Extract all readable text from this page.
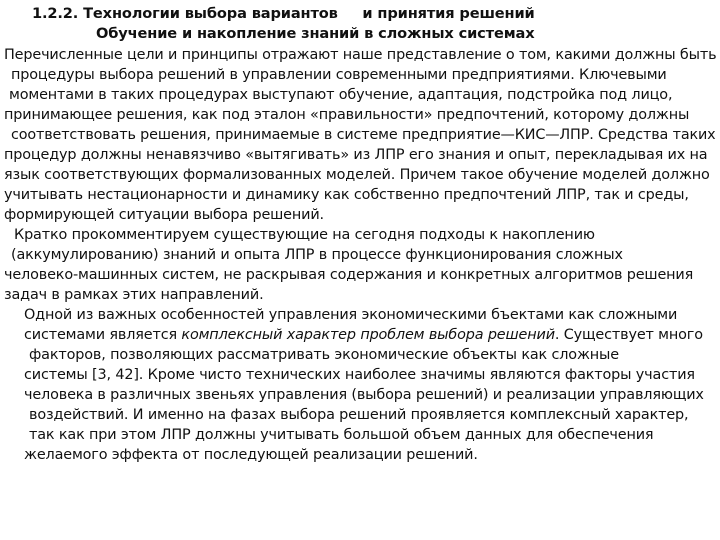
1.2.2. Технологии выбора вариантов     и принятия решений
Обучение и накопление знаний в сложных системах
Перечисленные цели и принципы отражают наше представление о том, какими должны быть
процедуры выбора решений в управлении современными предприятиями. Ключевыми
моментами в таких процедурах выступают обучение, адаптация, подстройка под лицо,
принимающее решения, как под эталон «правильности» предпочтений, которому должны
соответствовать решения, принимаемые в системе предприятие—КИС—ЛПР. Средства таких
процедур должны ненавязчиво «вытягивать» из ЛПР его знания и опыт, перекладывая их на
язык соответствующих формализованных моделей. Причем такое обучение моделей должно
учитывать нестационарности и динамику как собственно предпочтений ЛПР, так и среды,
формирующей ситуации выбора решений.
Кратко прокомментируем существующие на сегодня подходы к накоплению
(аккумулированию) знаний и опыта ЛПР в процессе функционирования сложных
человеко-машинных систем, не раскрывая содержания и конкретных алгоритмов решения
задач в рамках этих направлений.
Одной из важных особенностей управления экономическими бъектами как сложными
системами является комплексный характер проблем выбора решений. Существует много
факторов, позволяющих рассматривать экономические объекты как сложные
системы [3, 42]. Кроме чисто технических наиболее значимы являются факторы участия
человека в различных звеньях управления (выбора решений) и реализации управляющих
воздействий. И именно на фазах выбора решений проявляется комплексный характер,
так как при этом ЛПР должны учитывать большой объем данных для обеспечения
желаемого эффекта от последующей реализации решений.
